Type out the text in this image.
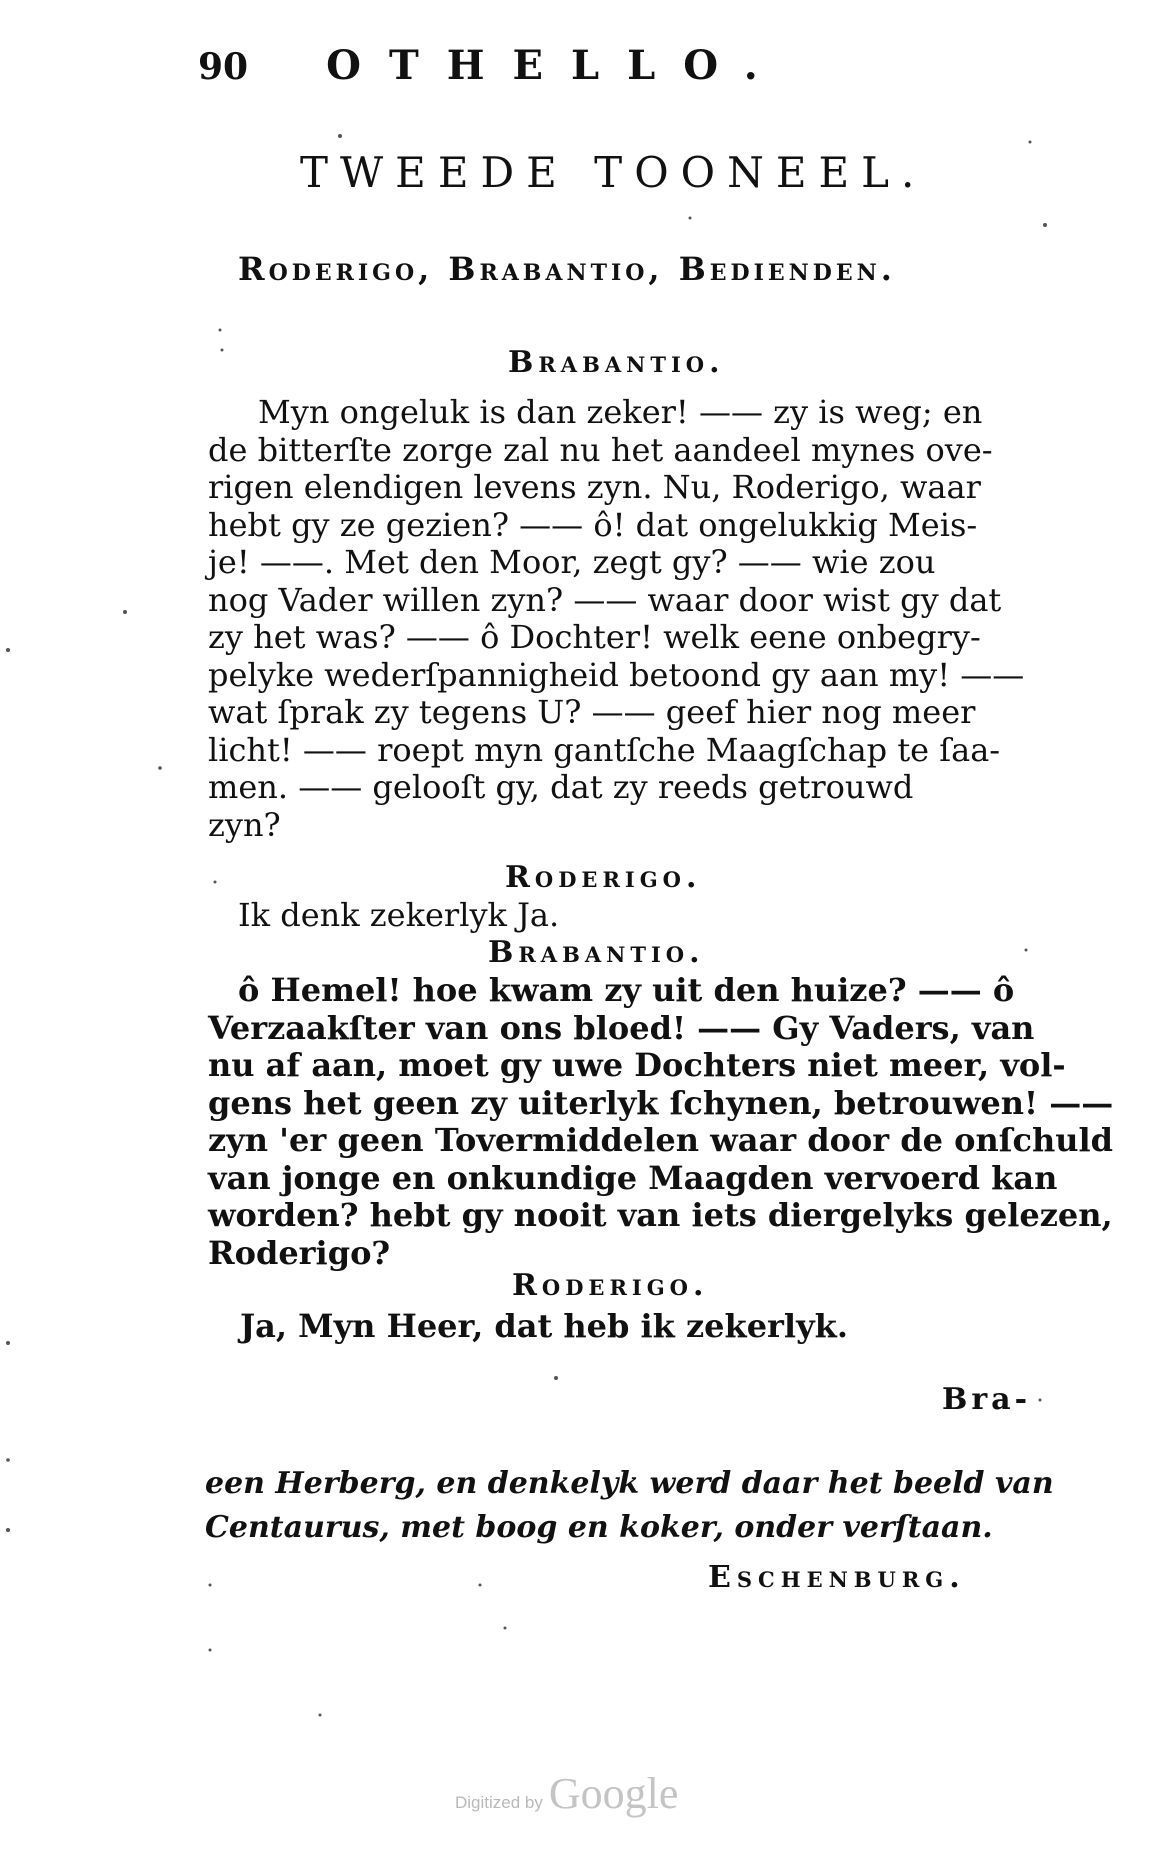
90 OTHELLO.
TWEEDE TOONEEL.
Roderigo, Brabantio, Bedienden.
Brabantio.
Myn ongeluk is dan zeker! —— zy is weg; en
de bitterſte zorge zal nu het aandeel mynes ove-
rigen elendigen levens zyn. Nu, Roderigo, waar
hebt gy ze gezien? —— ô! dat ongelukkig Meis-
je! ——. Met den Moor, zegt gy? —— wie zou
nog Vader willen zyn? —— waar door wist gy dat
zy het was? —— ô Dochter! welk eene onbegry-
pelyke wederſpannigheid betoond gy aan my! ——
wat ſprak zy tegens U? —— geef hier nog meer
licht! —— roept myn gantſche Maagſchap te ſaa-
men. —— gelooſt gy, dat zy reeds getrouwd
zyn?
Roderigo.
Ik denk zekerlyk Ja.
Brabantio.
ô Hemel! hoe kwam zy uit den huize? —— ô
Verzaakſter van ons bloed! —— Gy Vaders, van
nu af aan, moet gy uwe Dochters niet meer, vol-
gens het geen zy uiterlyk ſchynen, betrouwen! ——
zyn 'er geen Tovermiddelen waar door de onſchuld
van jonge en onkundige Maagden vervoerd kan
worden? hebt gy nooit van iets diergelyks gelezen,
Roderigo?
Roderigo.
Ja, Myn Heer, dat heb ik zekerlyk.
Bra-
een Herberg, en denkelyk werd daar het beeld van
Centaurus, met boog en koker, onder verſtaan.
Eschenburg.
Digitized by Google
